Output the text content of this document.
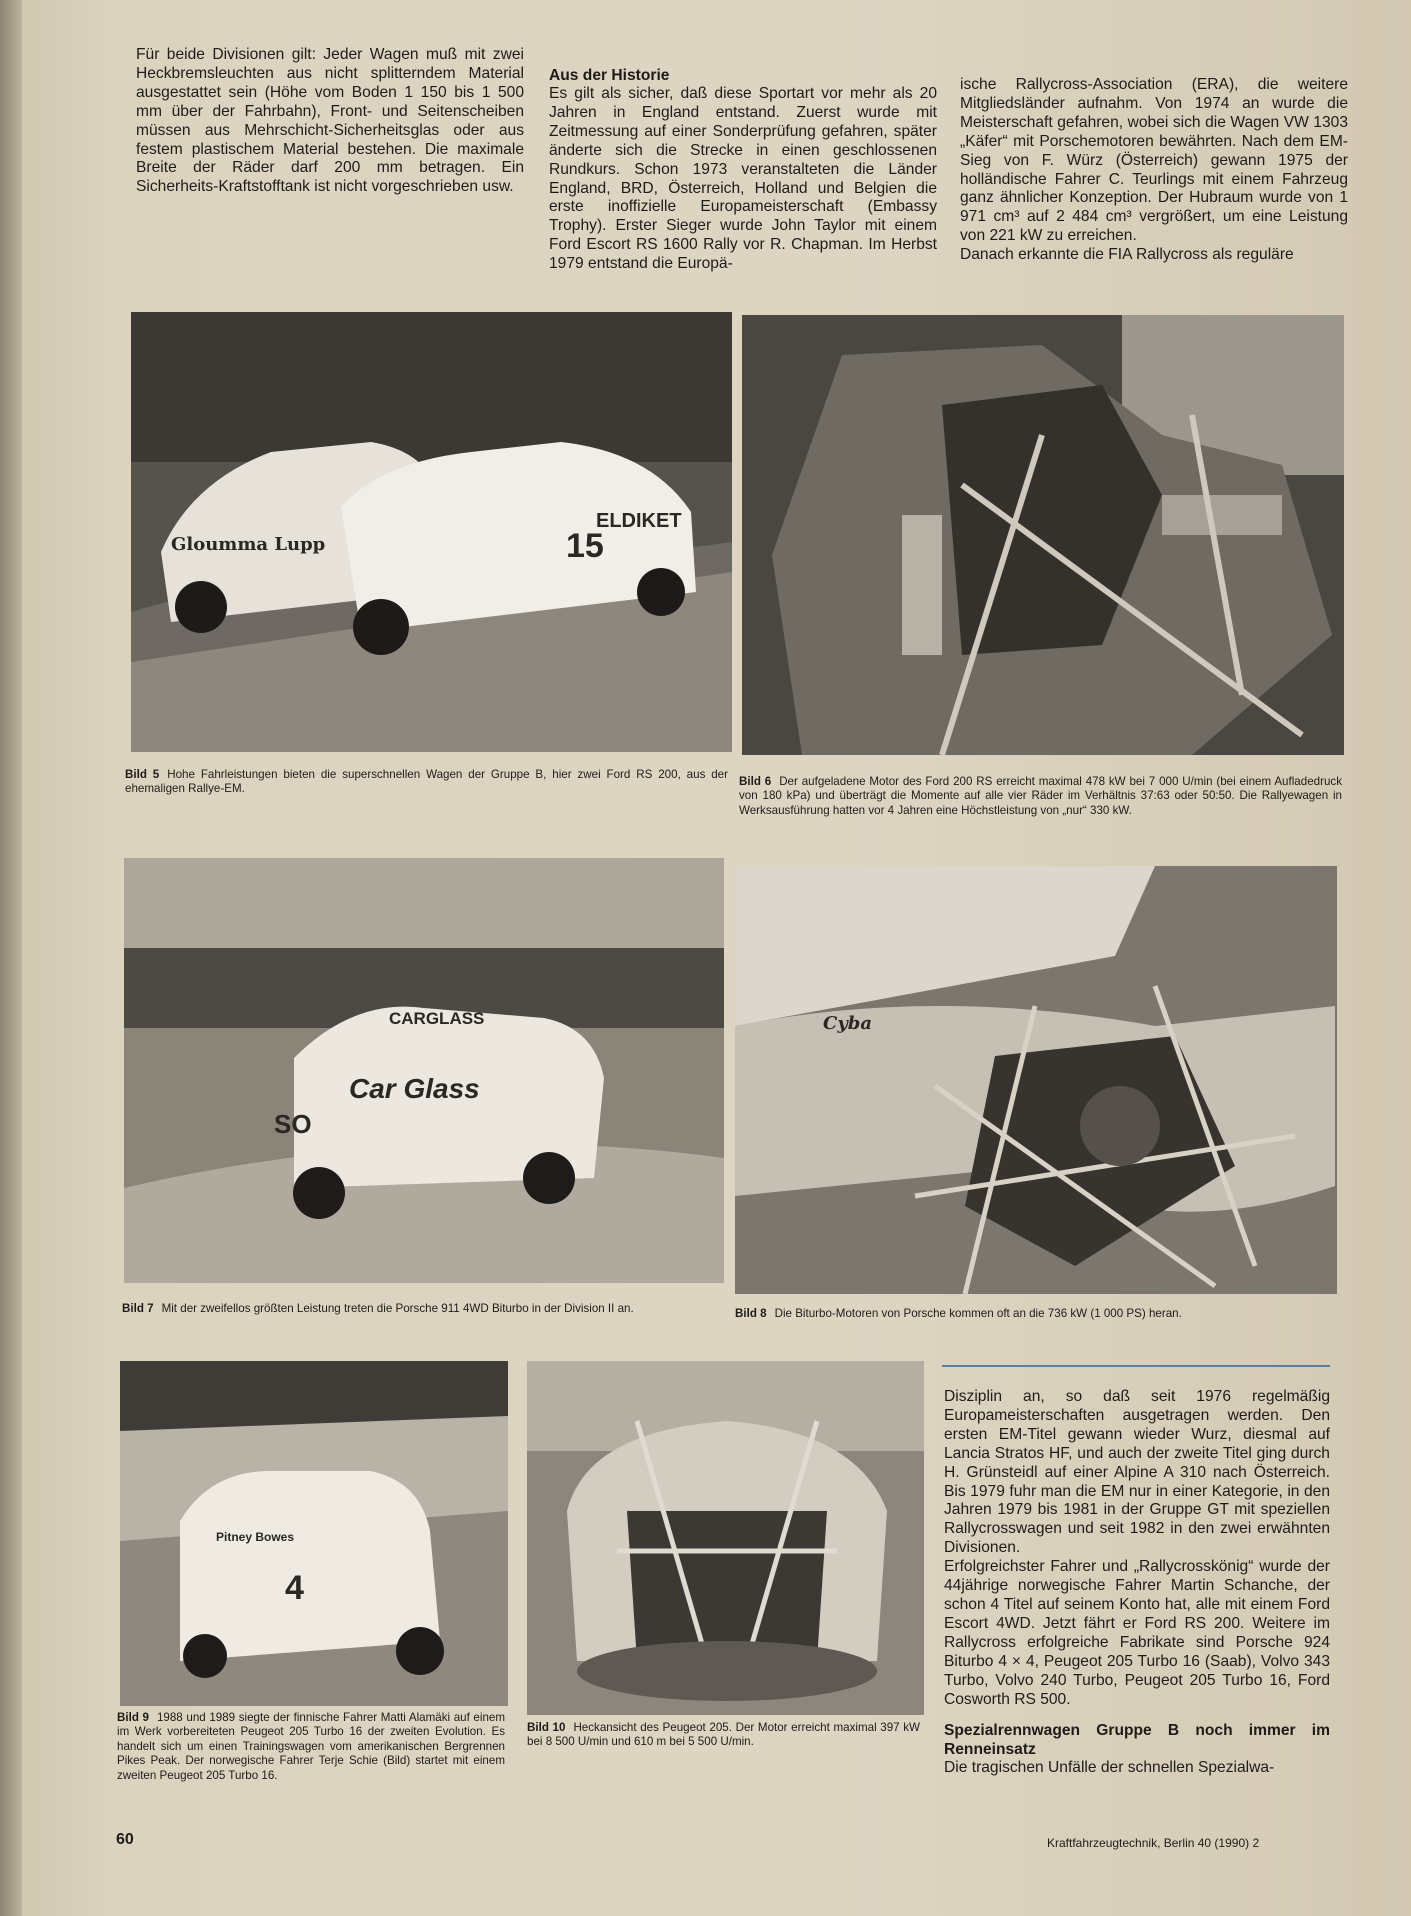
Für beide Divisionen gilt: Jeder Wagen muß mit zwei Heckbremsleuchten aus nicht splitterndem Material ausgestattet sein (Höhe vom Boden 1 150 bis 1 500 mm über der Fahrbahn), Front- und Seitenscheiben müssen aus Mehrschicht-Sicherheitsglas oder aus festem plastischem Material bestehen. Die maximale Breite der Räder darf 200 mm betragen. Ein Sicherheits-Kraftstofftank ist nicht vorgeschrieben usw.

Aus der Historie

Es gilt als sicher, daß diese Sportart vor mehr als 20 Jahren in England entstand. Zuerst wurde mit Zeitmessung auf einer Sonderprüfung gefahren, später änderte sich die Strecke in einen geschlossenen Rundkurs. Schon 1973 veranstalteten die Länder England, BRD, Österreich, Holland und Belgien die erste inoffizielle Europameisterschaft (Embassy Trophy). Erster Sieger wurde John Taylor mit einem Ford Escort RS 1600 Rally vor R. Chapman. Im Herbst 1979 entstand die Europä-

ische Rallycross-Association (ERA), die weitere Mitgliedsländer aufnahm. Von 1974 an wurde die Meisterschaft gefahren, wobei sich die Wagen VW 1303 „Käfer“ mit Porschemotoren bewährten. Nach dem EM-Sieg von F. Würz (Österreich) gewann 1975 der holländische Fahrer C. Teurlings mit einem Fahrzeug ganz ähnlicher Konzeption. Der Hubraum wurde von 1 971 cm³ auf 2 484 cm³ vergrößert, um eine Leistung von 221 kW zu erreichen.

Danach erkannte die FIA Rallycross als reguläre

Gloumma Lupp	15
ELDIKET
Bild 5 Hohe Fahrleistungen bieten die superschnellen Wagen der Gruppe B, hier zwei Ford RS 200, aus der ehemaligen Rallye-EM.
Bild 6 Der aufgeladene Motor des Ford 200 RS erreicht maximal 478 kW bei 7 000 U/min (bei einem Aufladedruck von 180 kPa) und überträgt die Momente auf alle vier Räder im Verhältnis 37:63 oder 50:50. Die Rallyewagen in Werksausführung hatten vor 4 Jahren eine Höchstleistung von „nur“ 330 kW.
CARGLASS
Car Glass
SO
Cyba
Bild 7 Mit der zweifellos größten Leistung treten die Porsche 911 4WD Biturbo in der Division II an.	Bild 8 Die Biturbo-Motoren von Porsche kommen oft an die 736 kW (1 000 PS) heran.
Pitney Bowes
4
Bild 9 1988 und 1989 siegte der finnische Fahrer Matti Alamäki auf einem im Werk vorbereiteten Peugeot 205 Turbo 16 der zweiten Evolution. Es handelt sich um einen Trainingswagen vom amerikanischen Bergrennen Pikes Peak. Der norwegische Fahrer Terje Schie (Bild) startet mit einem zweiten Peugeot 205 Turbo 16.
Bild 10 Heckansicht des Peugeot 205. Der Motor erreicht maximal 397 kW bei 8 500 U/min und 610 m bei 5 500 U/min.

Disziplin an, so daß seit 1976 regelmäßig Europameisterschaften ausgetragen werden. Den ersten EM-Titel gewann wieder Wurz, diesmal auf Lancia Stratos HF, und auch der zweite Titel ging durch H. Grünsteidl auf einer Alpine A 310 nach Österreich. Bis 1979 fuhr man die EM nur in einer Kategorie, in den Jahren 1979 bis 1981 in der Gruppe GT mit speziellen Rallycrosswagen und seit 1982 in den zwei erwähnten Divisionen.

Erfolgreichster Fahrer und „Rallycrosskönig“ wurde der 44jährige norwegische Fahrer Martin Schanche, der schon 4 Titel auf seinem Konto hat, alle mit einem Ford Escort 4WD. Jetzt fährt er Ford RS 200. Weitere im Rallycross erfolgreiche Fabrikate sind Porsche 924 Biturbo 4 × 4, Peugeot 205 Turbo 16 (Saab), Volvo 343 Turbo, Volvo 240 Turbo, Peugeot 205 Turbo 16, Ford Cosworth RS 500.

Spezialrennwagen Gruppe B noch immer im Renneinsatz

Die tragischen Unfälle der schnellen Spezialwa-

60	Kraftfahrzeugtechnik, Berlin 40 (1990) 2
